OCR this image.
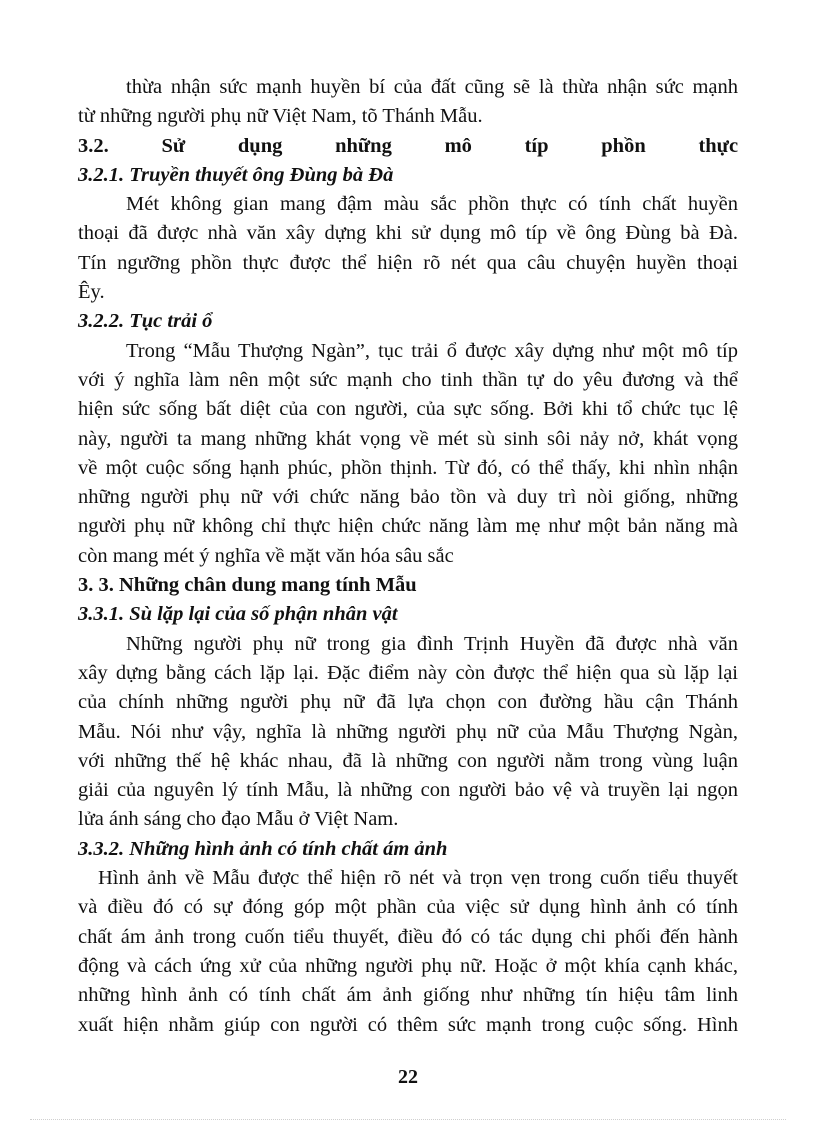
thừa nhận sức mạnh huyền bí của đất cũng sẽ là thừa nhận sức mạnh
từ những người phụ nữ Việt Nam, tõ Thánh Mẫu.
3.2.	Sử	dụng	những	mô	típ	phồn	thực
3.2.1. Truyền thuyết ông Đùng bà Đà
Mét không gian mang đậm màu sắc phồn thực có tính chất huyền
thoại đã được nhà văn xây dựng khi sử dụng mô típ về ông Đùng bà Đà.
Tín ngưỡng phồn thực được thể hiện rõ nét qua câu chuyện huyền thoại
Êy.
3.2.2. Tục trải ổ
Trong “Mẫu Thượng Ngàn”, tục trải ổ được xây dựng như một mô típ
với ý nghĩa làm nên một sức mạnh cho tinh thần tự do yêu đương và thể
hiện sức sống bất diệt của con người, của sực sống. Bởi khi tổ chức tục lệ
này, người ta mang những khát vọng về mét sù sinh sôi nảy nở, khát vọng
về một cuộc sống hạnh phúc, phồn thịnh. Từ đó, có thể thấy, khi nhìn nhận
những người phụ nữ với chức năng bảo tồn và duy trì nòi giống, những
người phụ nữ không chỉ thực hiện chức năng làm mẹ như một bản năng mà
còn mang mét ý nghĩa về mặt văn hóa sâu sắc
3. 3. Những chân dung mang tính Mẫu
3.3.1. Sù lặp lại của số phận nhân vật
Những người phụ nữ trong gia đình Trịnh Huyền đã được nhà văn
xây dựng bằng cách lặp lại. Đặc điểm này còn được thể hiện qua sù lặp lại
của chính những người phụ nữ đã lựa chọn con đường hầu cận Thánh
Mẫu. Nói như vậy, nghĩa là những người phụ nữ của Mẫu Thượng Ngàn,
với những thế hệ khác nhau, đã là những con người nằm trong vùng luận
giải của nguyên lý tính Mẫu, là những con người bảo vệ và truyền lại ngọn
lửa ánh sáng cho đạo Mẫu ở Việt Nam.
3.3.2. Những hình ảnh có tính chất ám ảnh
Hình ảnh về Mẫu được thể hiện rõ nét và trọn vẹn trong cuốn tiểu thuyết
và điều đó có sự đóng góp một phần của việc sử dụng hình ảnh có tính
chất ám ảnh trong cuốn tiểu thuyết, điều đó có tác dụng chi phối đến hành
động và cách ứng xử của những người phụ nữ. Hoặc ở một khía cạnh khác,
những hình ảnh có tính chất ám ảnh giống như những tín hiệu tâm linh
xuất hiện nhằm giúp con người có thêm sức mạnh trong cuộc sống. Hình
22
